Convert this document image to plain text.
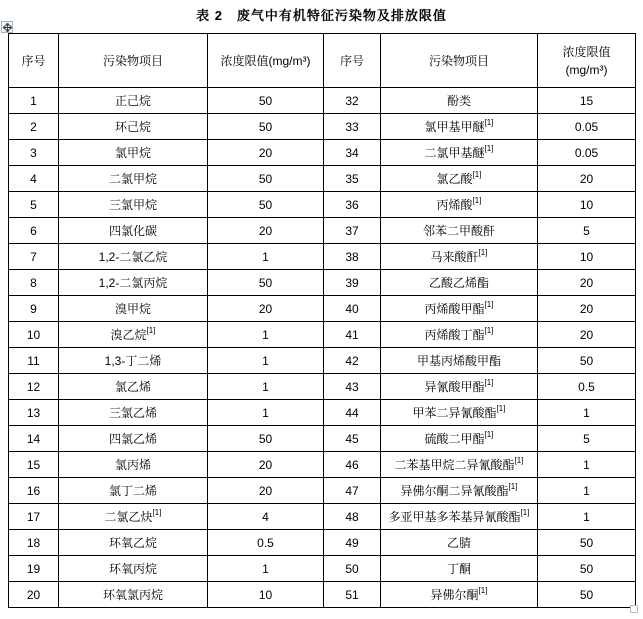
表 2　废气中有机特征污染物及排放限值
序号	污染物项目	浓度限值(mg/m³)	序号	污染物项目	浓度限值
(mg/m³)

1	正己烷	50	32	酚类	15
2	环己烷	50	33	氯甲基甲醚[1]	0.05
3	氯甲烷	20	34	二氯甲基醚[1]	0.05
4	二氯甲烷	50	35	氯乙酸[1]	20
5	三氯甲烷	50	36	丙烯酸[1]	10
6	四氯化碳	20	37	邻苯二甲酸酐	5
7	1,2-二氯乙烷	1	38	马来酸酐[1]	10
8	1,2-二氯丙烷	50	39	乙酸乙烯酯	20
9	溴甲烷	20	40	丙烯酸甲酯[1]	20
10	溴乙烷[1]	1	41	丙烯酸丁酯[1]	20
11	1,3-丁二烯	1	42	甲基丙烯酸甲酯	50
12	氯乙烯	1	43	异氰酸甲酯[1]	0.5
13	三氯乙烯	1	44	甲苯二异氰酸酯[1]	1
14	四氯乙烯	50	45	硫酸二甲酯[1]	5
15	氯丙烯	20	46	二苯基甲烷二异氰酸酯[1]	1
16	氯丁二烯	20	47	异佛尔酮二异氰酸酯[1]	1
17	二氯乙炔[1]	4	48	多亚甲基多苯基异氰酸酯[1]	1
18	环氧乙烷	0.5	49	乙腈	50
19	环氧丙烷	1	50	丁酮	50
20	环氧氯丙烷	10	51	异佛尔酮[1]	50
